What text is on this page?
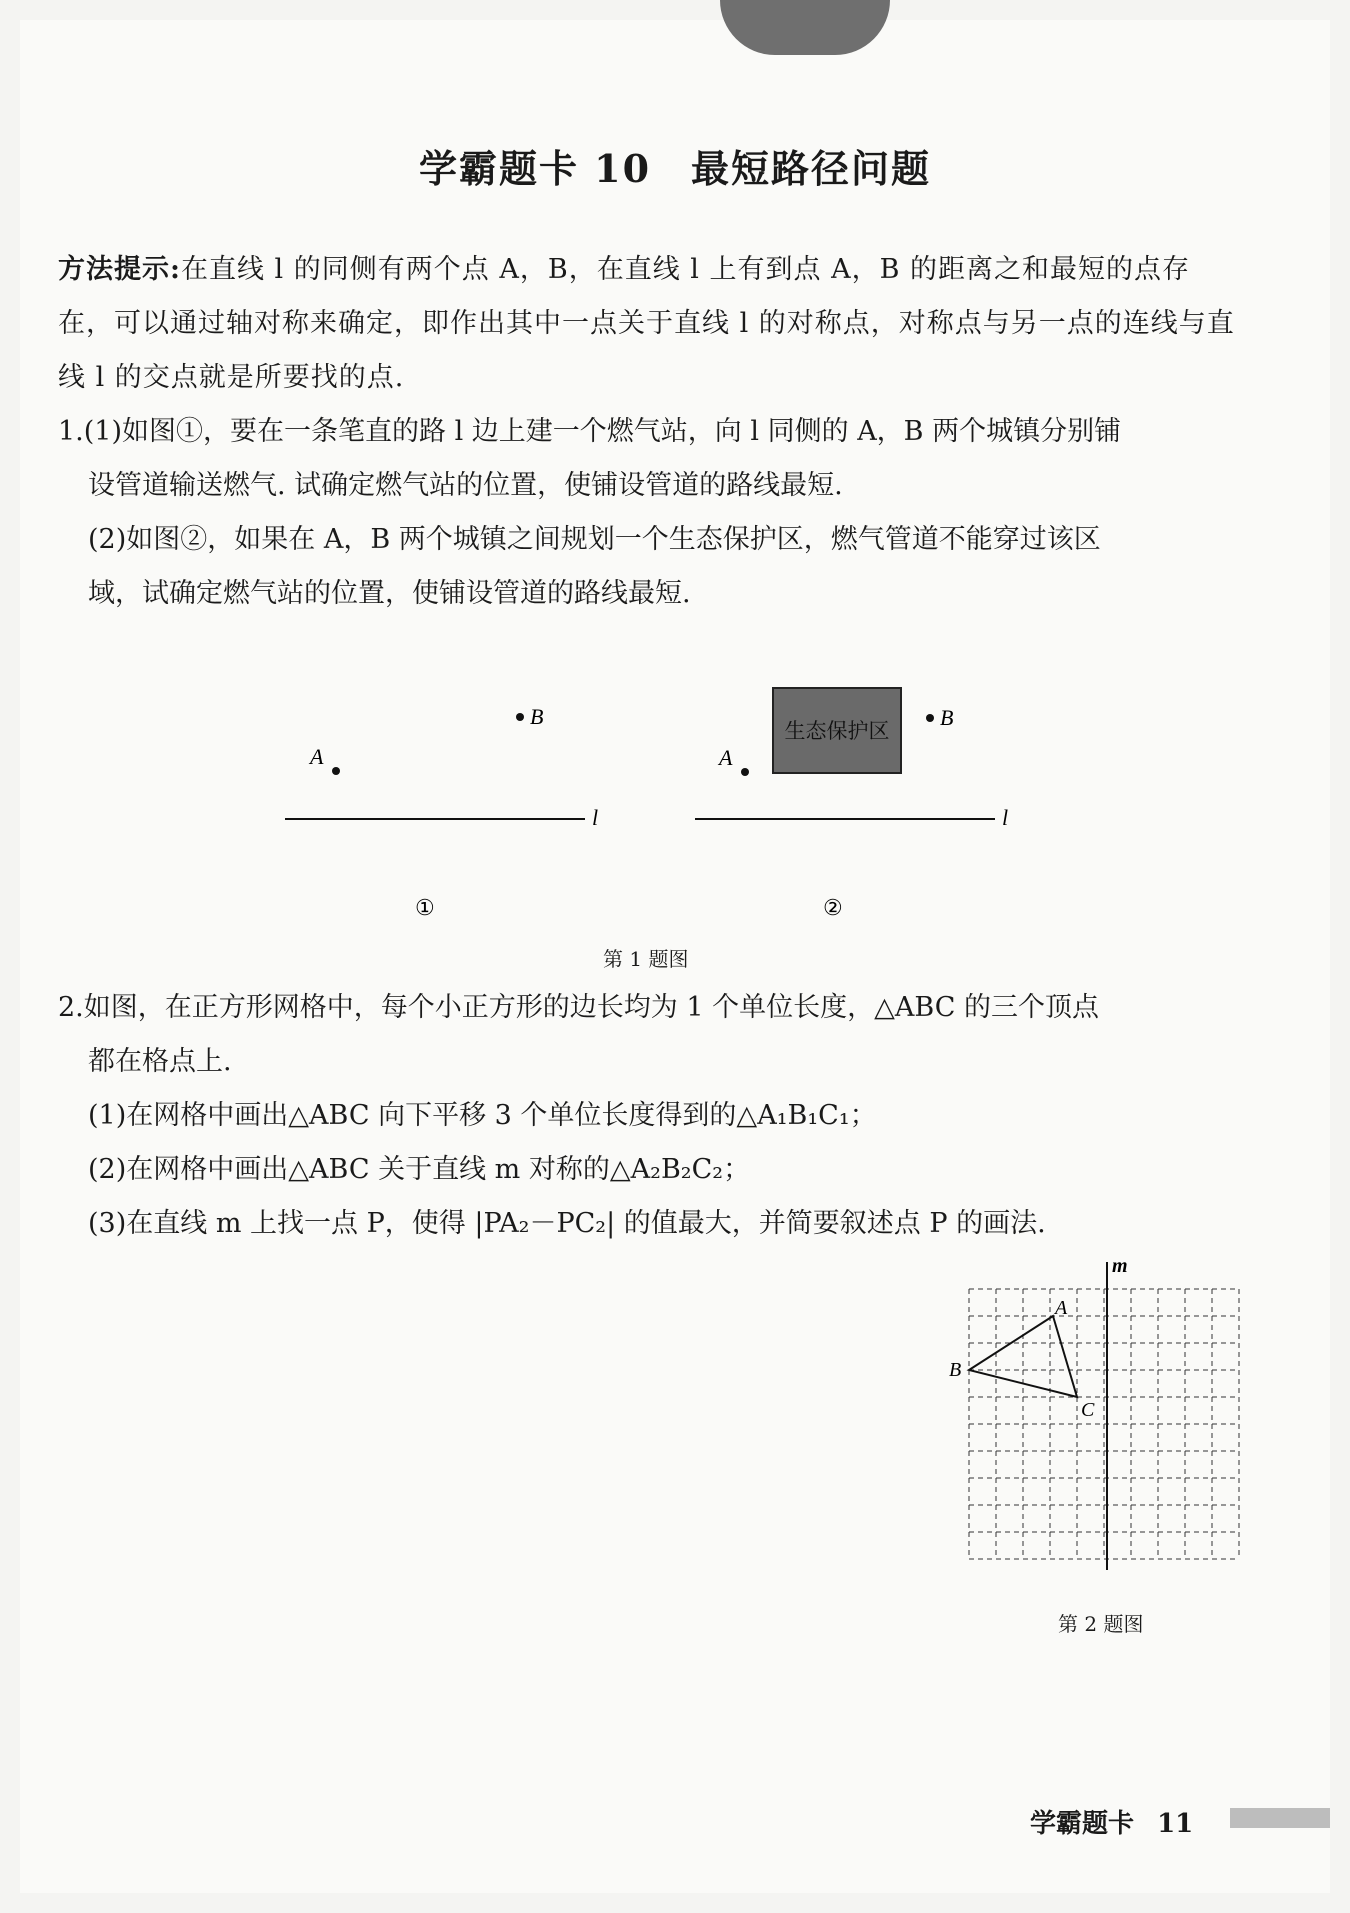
学霸题卡 10　最短路径问题
方法提示:在直线 l 的同侧有两个点 A，B，在直线 l 上有到点 A，B 的距离之和最短的点存在，可以通过轴对称来确定，即作出其中一点关于直线 l 的对称点，对称点与另一点的连线与直线 l 的交点就是所要找的点.
1.(1)如图①，要在一条笔直的路 l 边上建一个燃气站，向 l 同侧的 A，B 两个城镇分别铺
设管道输送燃气. 试确定燃气站的位置，使铺设管道的路线最短.
(2)如图②，如果在 A，B 两个城镇之间规划一个生态保护区，燃气管道不能穿过该区
域，试确定燃气站的位置，使铺设管道的路线最短.
B
A
l
①
生态保护区
B
A
l
②
第 1 题图
2.如图，在正方形网格中，每个小正方形的边长均为 1 个单位长度，△ABC 的三个顶点
都在格点上.
(1)在网格中画出△ABC 向下平移 3 个单位长度得到的△A₁B₁C₁；
(2)在网格中画出△ABC 关于直线 m 对称的△A₂B₂C₂；
(3)在直线 m 上找一点 P，使得 |PA₂－PC₂| 的值最大，并简要叙述点 P 的画法.
m
A
B
C
第 2 题图
学霸题卡 11
